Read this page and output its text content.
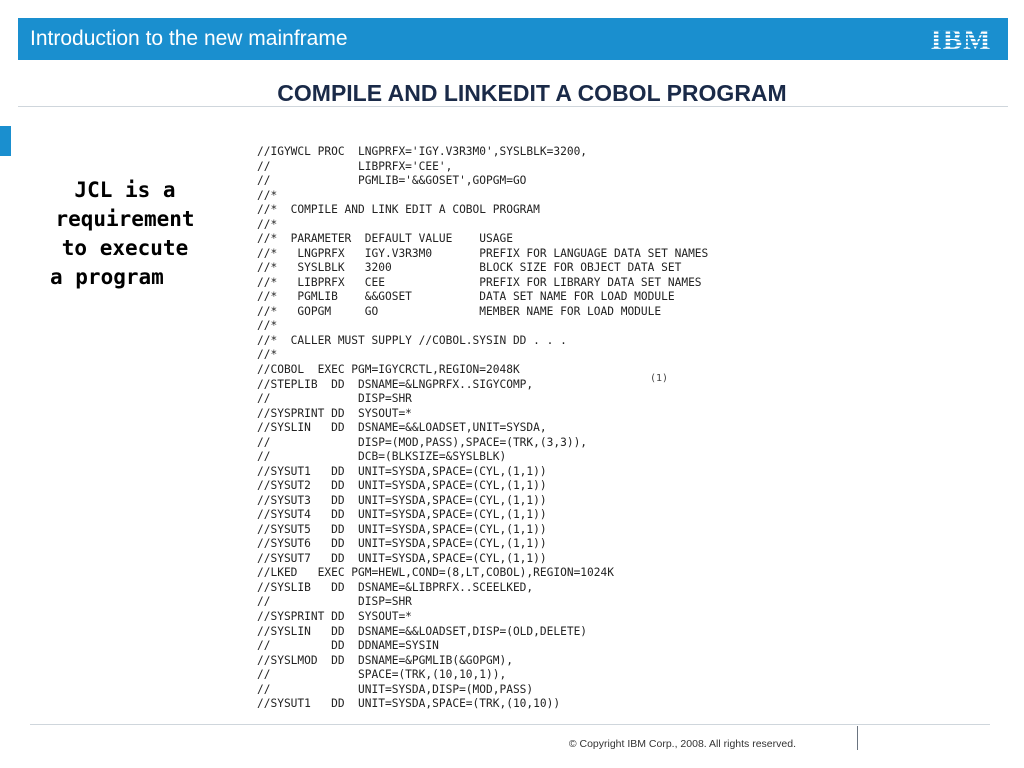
Introduction to the new mainframe	IBM
COMPILE AND LINKEDIT A COBOL PROGRAM
JCL is a
requirement
to execute
a program
//IGYWCL PROC  LNGPRFX='IGY.V3R3M0',SYSLBLK=3200,
//             LIBPRFX='CEE',
//             PGMLIB='&&GOSET',GOPGM=GO
//*
//*  COMPILE AND LINK EDIT A COBOL PROGRAM
//*
//*  PARAMETER  DEFAULT VALUE    USAGE
//*   LNGPRFX   IGY.V3R3M0       PREFIX FOR LANGUAGE DATA SET NAMES
//*   SYSLBLK   3200             BLOCK SIZE FOR OBJECT DATA SET
//*   LIBPRFX   CEE              PREFIX FOR LIBRARY DATA SET NAMES
//*   PGMLIB    &&GOSET          DATA SET NAME FOR LOAD MODULE
//*   GOPGM     GO               MEMBER NAME FOR LOAD MODULE
//*
//*  CALLER MUST SUPPLY //COBOL.SYSIN DD . . .
//*
//COBOL  EXEC PGM=IGYCRCTL,REGION=2048K
//STEPLIB  DD  DSNAME=&LNGPRFX..SIGYCOMP,
//             DISP=SHR
//SYSPRINT DD  SYSOUT=*
//SYSLIN   DD  DSNAME=&&LOADSET,UNIT=SYSDA,
//             DISP=(MOD,PASS),SPACE=(TRK,(3,3)),
//             DCB=(BLKSIZE=&SYSLBLK)
//SYSUT1   DD  UNIT=SYSDA,SPACE=(CYL,(1,1))
//SYSUT2   DD  UNIT=SYSDA,SPACE=(CYL,(1,1))
//SYSUT3   DD  UNIT=SYSDA,SPACE=(CYL,(1,1))
//SYSUT4   DD  UNIT=SYSDA,SPACE=(CYL,(1,1))
//SYSUT5   DD  UNIT=SYSDA,SPACE=(CYL,(1,1))
//SYSUT6   DD  UNIT=SYSDA,SPACE=(CYL,(1,1))
//SYSUT7   DD  UNIT=SYSDA,SPACE=(CYL,(1,1))
//LKED   EXEC PGM=HEWL,COND=(8,LT,COBOL),REGION=1024K
//SYSLIB   DD  DSNAME=&LIBPRFX..SCEELKED,
//             DISP=SHR
//SYSPRINT DD  SYSOUT=*
//SYSLIN   DD  DSNAME=&&LOADSET,DISP=(OLD,DELETE)
//         DD  DDNAME=SYSIN
//SYSLMOD  DD  DSNAME=&PGMLIB(&GOPGM),
//             SPACE=(TRK,(10,10,1)),
//             UNIT=SYSDA,DISP=(MOD,PASS)
//SYSUT1   DD  UNIT=SYSDA,SPACE=(TRK,(10,10))
(1)
© Copyright IBM Corp., 2008. All rights reserved.
